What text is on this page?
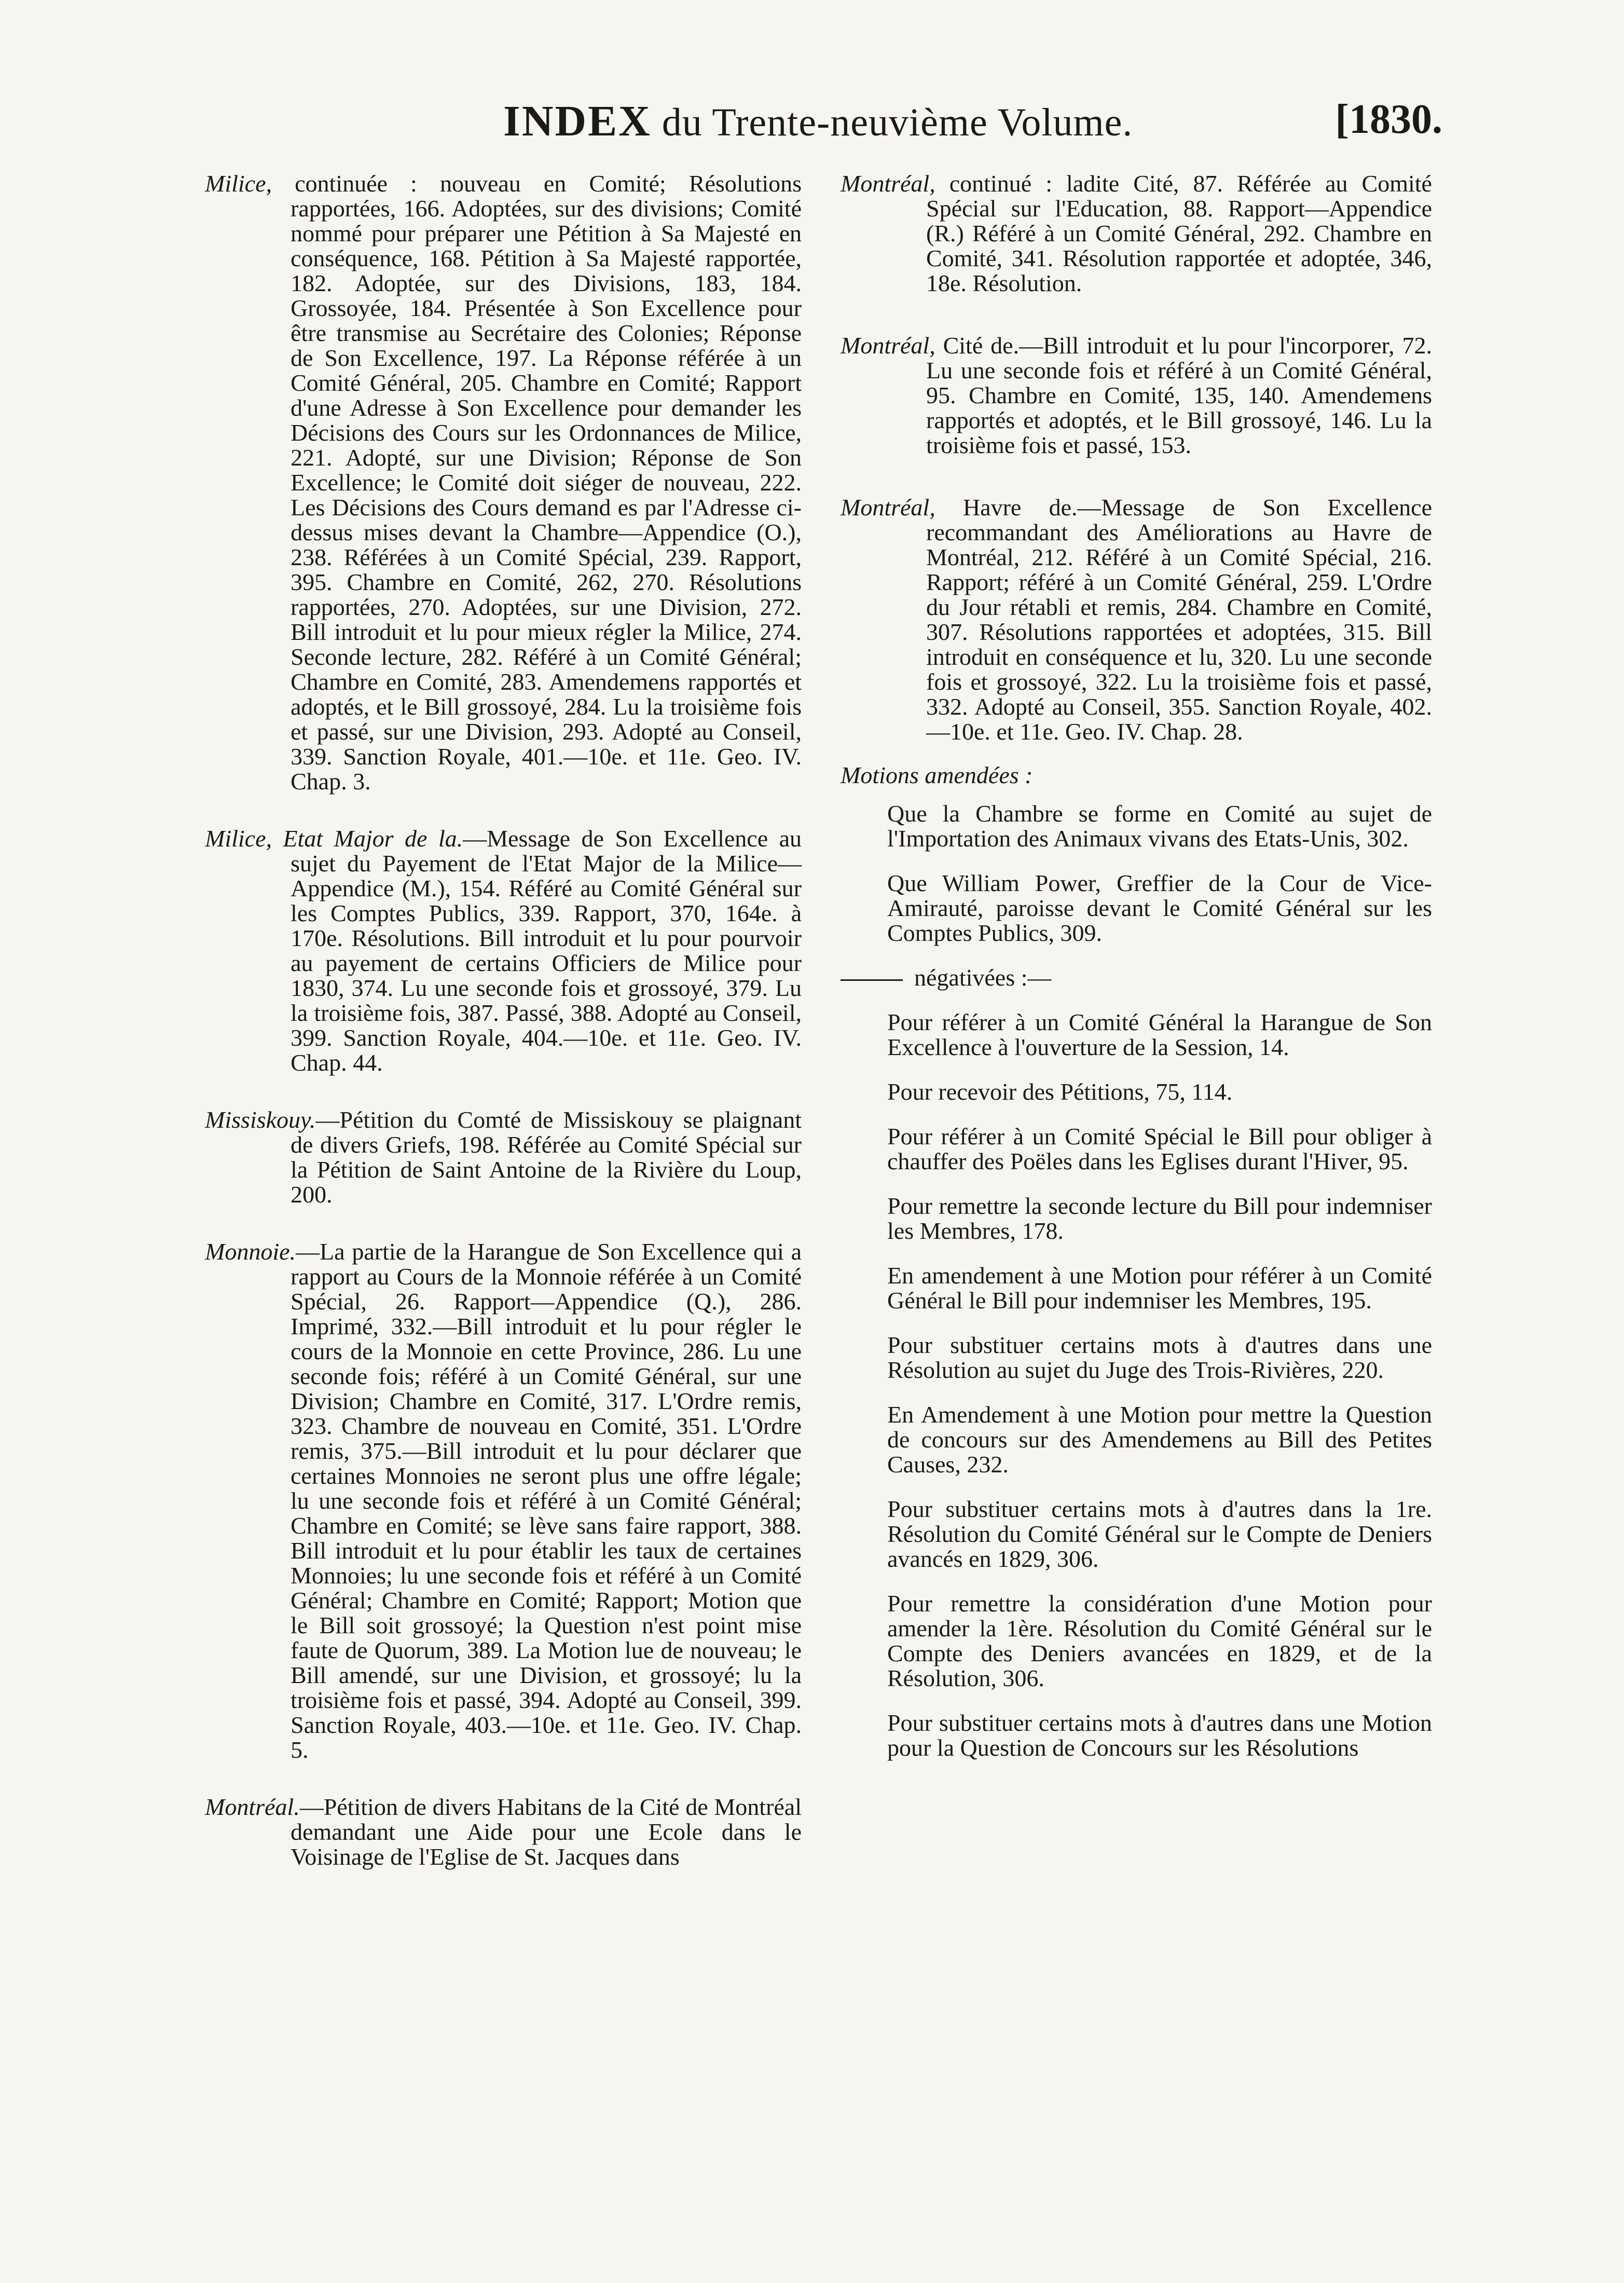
INDEX du Trente-neuvième Volume.	[1830.
Milice, continuée : nouveau en Comité; Résolutions rapportées, 166. Adoptées, sur des divisions; Comité nommé pour préparer une Pétition à Sa Majesté en conséquence, 168. Pétition à Sa Majesté rapportée, 182. Adoptée, sur des Divisions, 183, 184. Grossoyée, 184. Présentée à Son Excellence pour être transmise au Secrétaire des Colonies; Réponse de Son Excellence, 197. La Réponse référée à un Comité Général, 205. Chambre en Comité; Rapport d'une Adresse à Son Excellence pour demander les Décisions des Cours sur les Ordonnances de Milice, 221. Adopté, sur une Division; Réponse de Son Excellence; le Comité doit siéger de nouveau, 222. Les Décisions des Cours demand es par l'Adresse ci-dessus mises devant la Chambre—Appendice (O.), 238. Référées à un Comité Spécial, 239. Rapport, 395. Chambre en Comité, 262, 270. Résolutions rapportées, 270. Adoptées, sur une Division, 272. Bill introduit et lu pour mieux régler la Milice, 274. Seconde lecture, 282. Référé à un Comité Général; Chambre en Comité, 283. Amendemens rapportés et adoptés, et le Bill grossoyé, 284. Lu la troisième fois et passé, sur une Division, 293. Adopté au Conseil, 339. Sanction Royale, 401.—10e. et 11e. Geo. IV. Chap. 3.
Milice, Etat Major de la.—Message de Son Excellence au sujet du Payement de l'Etat Major de la Milice—Appendice (M.), 154. Référé au Comité Général sur les Comptes Publics, 339. Rapport, 370, 164e. à 170e. Résolutions. Bill introduit et lu pour pourvoir au payement de certains Officiers de Milice pour 1830, 374. Lu une seconde fois et grossoyé, 379. Lu la troisième fois, 387. Passé, 388. Adopté au Conseil, 399. Sanction Royale, 404.—10e. et 11e. Geo. IV. Chap. 44.
Missiskouy.—Pétition du Comté de Missiskouy se plaignant de divers Griefs, 198. Référée au Comité Spécial sur la Pétition de Saint Antoine de la Rivière du Loup, 200.
Monnoie.—La partie de la Harangue de Son Excellence qui a rapport au Cours de la Monnoie référée à un Comité Spécial, 26. Rapport—Appendice (Q.), 286. Imprimé, 332.—Bill introduit et lu pour régler le cours de la Monnoie en cette Province, 286. Lu une seconde fois; référé à un Comité Général, sur une Division; Chambre en Comité, 317. L'Ordre remis, 323. Chambre de nouveau en Comité, 351. L'Ordre remis, 375.—Bill introduit et lu pour déclarer que certaines Monnoies ne seront plus une offre légale; lu une seconde fois et référé à un Comité Général; Chambre en Comité; se lève sans faire rapport, 388. Bill introduit et lu pour établir les taux de certaines Monnoies; lu une seconde fois et référé à un Comité Général; Chambre en Comité; Rapport; Motion que le Bill soit grossoyé; la Question n'est point mise faute de Quorum, 389. La Motion lue de nouveau; le Bill amendé, sur une Division, et grossoyé; lu la troisième fois et passé, 394. Adopté au Conseil, 399. Sanction Royale, 403.—10e. et 11e. Geo. IV. Chap. 5.
Montréal.—Pétition de divers Habitans de la Cité de Montréal demandant une Aide pour une Ecole dans le Voisinage de l'Eglise de St. Jacques dans
Montréal, continué : ladite Cité, 87. Référée au Comité Spécial sur l'Education, 88. Rapport—Appendice (R.) Référé à un Comité Général, 292. Chambre en Comité, 341. Résolution rapportée et adoptée, 346, 18e. Résolution.
Montréal, Cité de.—Bill introduit et lu pour l'incorporer, 72. Lu une seconde fois et référé à un Comité Général, 95. Chambre en Comité, 135, 140. Amendemens rapportés et adoptés, et le Bill grossoyé, 146. Lu la troisième fois et passé, 153.
Montréal, Havre de.—Message de Son Excellence recommandant des Améliorations au Havre de Montréal, 212. Référé à un Comité Spécial, 216. Rapport; référé à un Comité Général, 259. L'Ordre du Jour rétabli et remis, 284. Chambre en Comité, 307. Résolutions rapportées et adoptées, 315. Bill introduit en conséquence et lu, 320. Lu une seconde fois et grossoyé, 322. Lu la troisième fois et passé, 332. Adopté au Conseil, 355. Sanction Royale, 402.—10e. et 11e. Geo. IV. Chap. 28.
Motions amendées :
Que la Chambre se forme en Comité au sujet de l'Importation des Animaux vivans des Etats-Unis, 302.
Que William Power, Greffier de la Cour de Vice-Amirauté, paroisse devant le Comité Général sur les Comptes Publics, 309.
négativées :—
Pour référer à un Comité Général la Harangue de Son Excellence à l'ouverture de la Session, 14.
Pour recevoir des Pétitions, 75, 114.
Pour référer à un Comité Spécial le Bill pour obliger à chauffer des Poëles dans les Eglises durant l'Hiver, 95.
Pour remettre la seconde lecture du Bill pour indemniser les Membres, 178.
En amendement à une Motion pour référer à un Comité Général le Bill pour indemniser les Membres, 195.
Pour substituer certains mots à d'autres dans une Résolution au sujet du Juge des Trois-Rivières, 220.
En Amendement à une Motion pour mettre la Question de concours sur des Amendemens au Bill des Petites Causes, 232.
Pour substituer certains mots à d'autres dans la 1re. Résolution du Comité Général sur le Compte de Deniers avancés en 1829, 306.
Pour remettre la considération d'une Motion pour amender la 1ère. Résolution du Comité Général sur le Compte des Deniers avancées en 1829, et de la Résolution, 306.
Pour substituer certains mots à d'autres dans une Motion pour la Question de Concours sur les Résolutions
